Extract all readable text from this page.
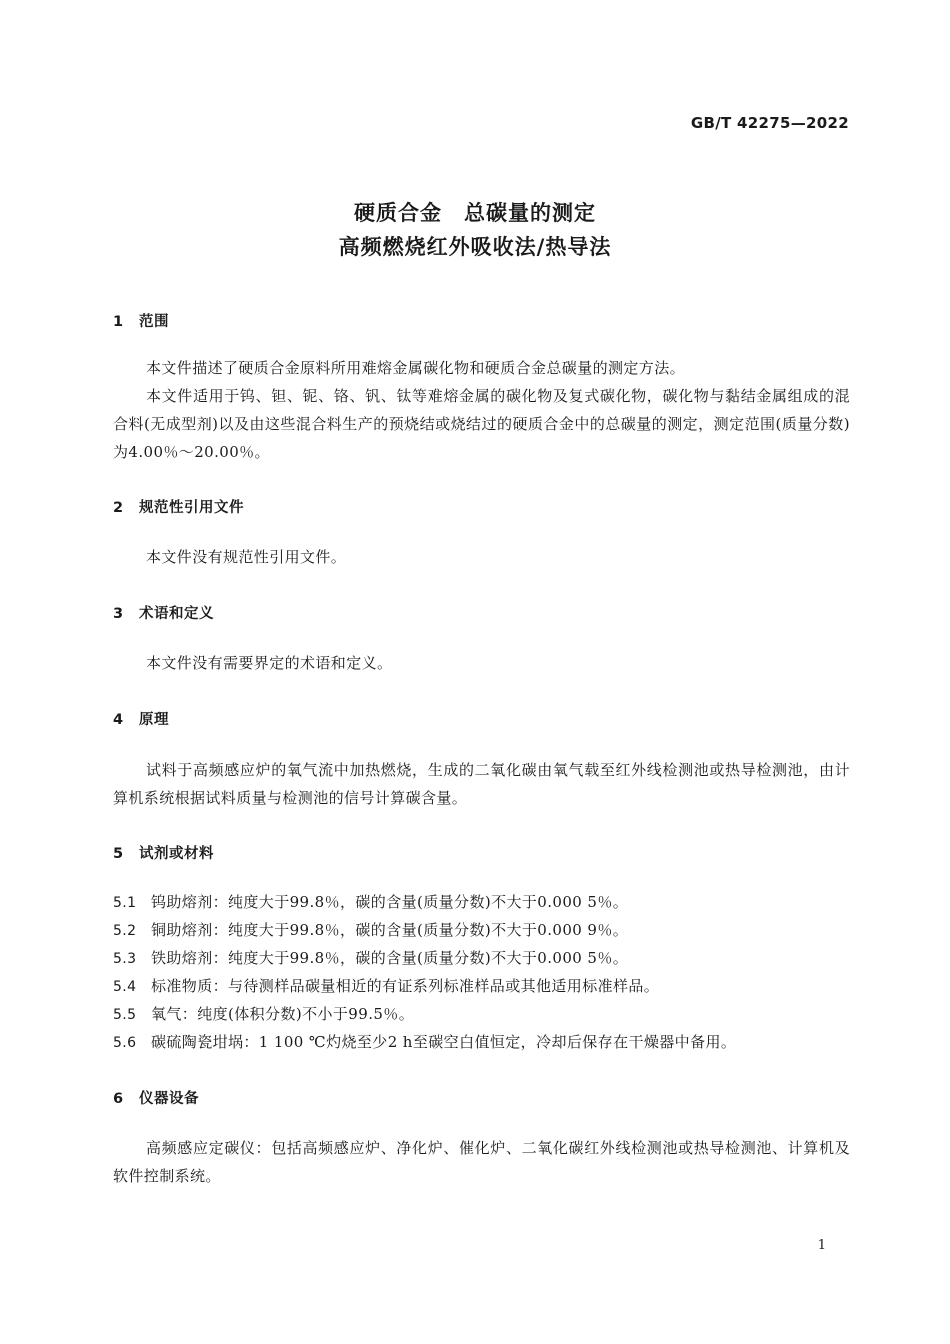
GB/T 42275—2022
硬质合金　总碳量的测定
高频燃烧红外吸收法/热导法
1 范围
本文件描述了硬质合金原料所用难熔金属碳化物和硬质合金总碳量的测定方法。
本文件适用于钨、钽、铌、铬、钒、钛等难熔金属的碳化物及复式碳化物，碳化物与黏结金属组成的混合料(无成型剂)以及由这些混合料生产的预烧结或烧结过的硬质合金中的总碳量的测定，测定范围(质量分数)为4.00％～20.00％。
2 规范性引用文件
本文件没有规范性引用文件。
3 术语和定义
本文件没有需要界定的术语和定义。
4 原理
试料于高频感应炉的氧气流中加热燃烧，生成的二氧化碳由氧气载至红外线检测池或热导检测池，由计算机系统根据试料质量与检测池的信号计算碳含量。
5 试剂或材料
5.1 钨助熔剂：纯度大于99.8％，碳的含量(质量分数)不大于0.000 5％。
5.2 铜助熔剂：纯度大于99.8％，碳的含量(质量分数)不大于0.000 9％。
5.3 铁助熔剂：纯度大于99.8％，碳的含量(质量分数)不大于0.000 5％。
5.4 标准物质：与待测样品碳量相近的有证系列标准样品或其他适用标准样品。
5.5 氧气：纯度(体积分数)不小于99.5％。
5.6 碳硫陶瓷坩埚：1 100 ℃灼烧至少2 h至碳空白值恒定，冷却后保存在干燥器中备用。
6 仪器设备
高频感应定碳仪：包括高频感应炉、净化炉、催化炉、二氧化碳红外线检测池或热导检测池、计算机及软件控制系统。
1
